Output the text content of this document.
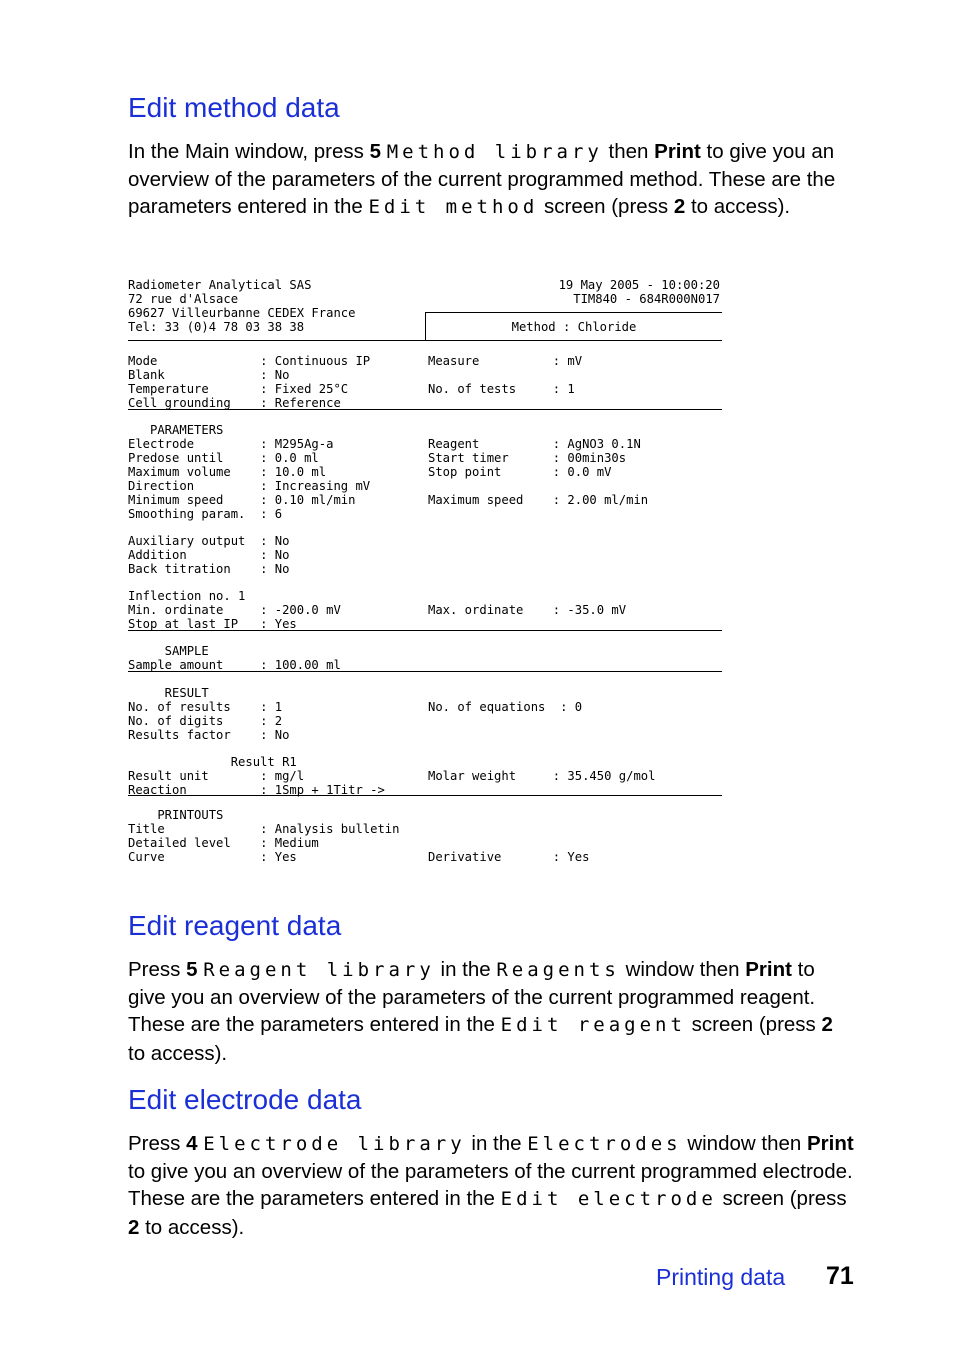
Edit method data

In the Main window, press 5 Method library then Print to give you an overview of the parameters of the current programmed method. These are the parameters entered in the Edit method screen (press 2 to access).

Radiometer Analytical SAS
72 rue d'Alsace
69627 Villeurbanne CEDEX France
Tel: 33 (0)4 78 03 38 38
19 May 2005 - 10:00:20
TIM840 - 684R000N017
Method : Chloride
Mode              : Continuous IP
Blank             : No
Temperature       : Fixed 25°C
Cell grounding    : Reference
PARAMETERS
Electrode         : M295Ag-a
Predose until     : 0.0 ml
Maximum volume    : 10.0 ml
Direction         : Increasing mV
Minimum speed     : 0.10 ml/min
Smoothing param.  : 6
Auxiliary output  : No
Addition          : No
Back titration    : No
Inflection no. 1
Min. ordinate     : -200.0 mV
Stop at last IP   : Yes
SAMPLE
Sample amount     : 100.00 ml
RESULT
No. of results    : 1
No. of digits     : 2
Results factor    : No
Result R1
Result unit       : mg/l
Reaction          : 1Smp + 1Titr ->
PRINTOUTS
Title             : Analysis bulletin
Detailed level    : Medium
Curve             : Yes
Measure          : mV
No. of tests     : 1
Reagent          : AgNO3 0.1N
Start timer      : 00min30s
Stop point       : 0.0 mV
Maximum speed    : 2.00 ml/min
Max. ordinate    : -35.0 mV
No. of equations  : 0
Molar weight     : 35.450 g/mol
Derivative       : Yes
Edit reagent data

Press 5 Reagent library in the Reagents window then Print to give you an overview of the parameters of the current programmed reagent. These are the parameters entered in the Edit reagent screen (press 2 to access).

Edit electrode data

Press 4 Electrode library in the Electrodes window then Print to give you an overview of the parameters of the current programmed electrode. These are the parameters entered in the Edit electrode screen (press 2 to access).

Printing data 71
